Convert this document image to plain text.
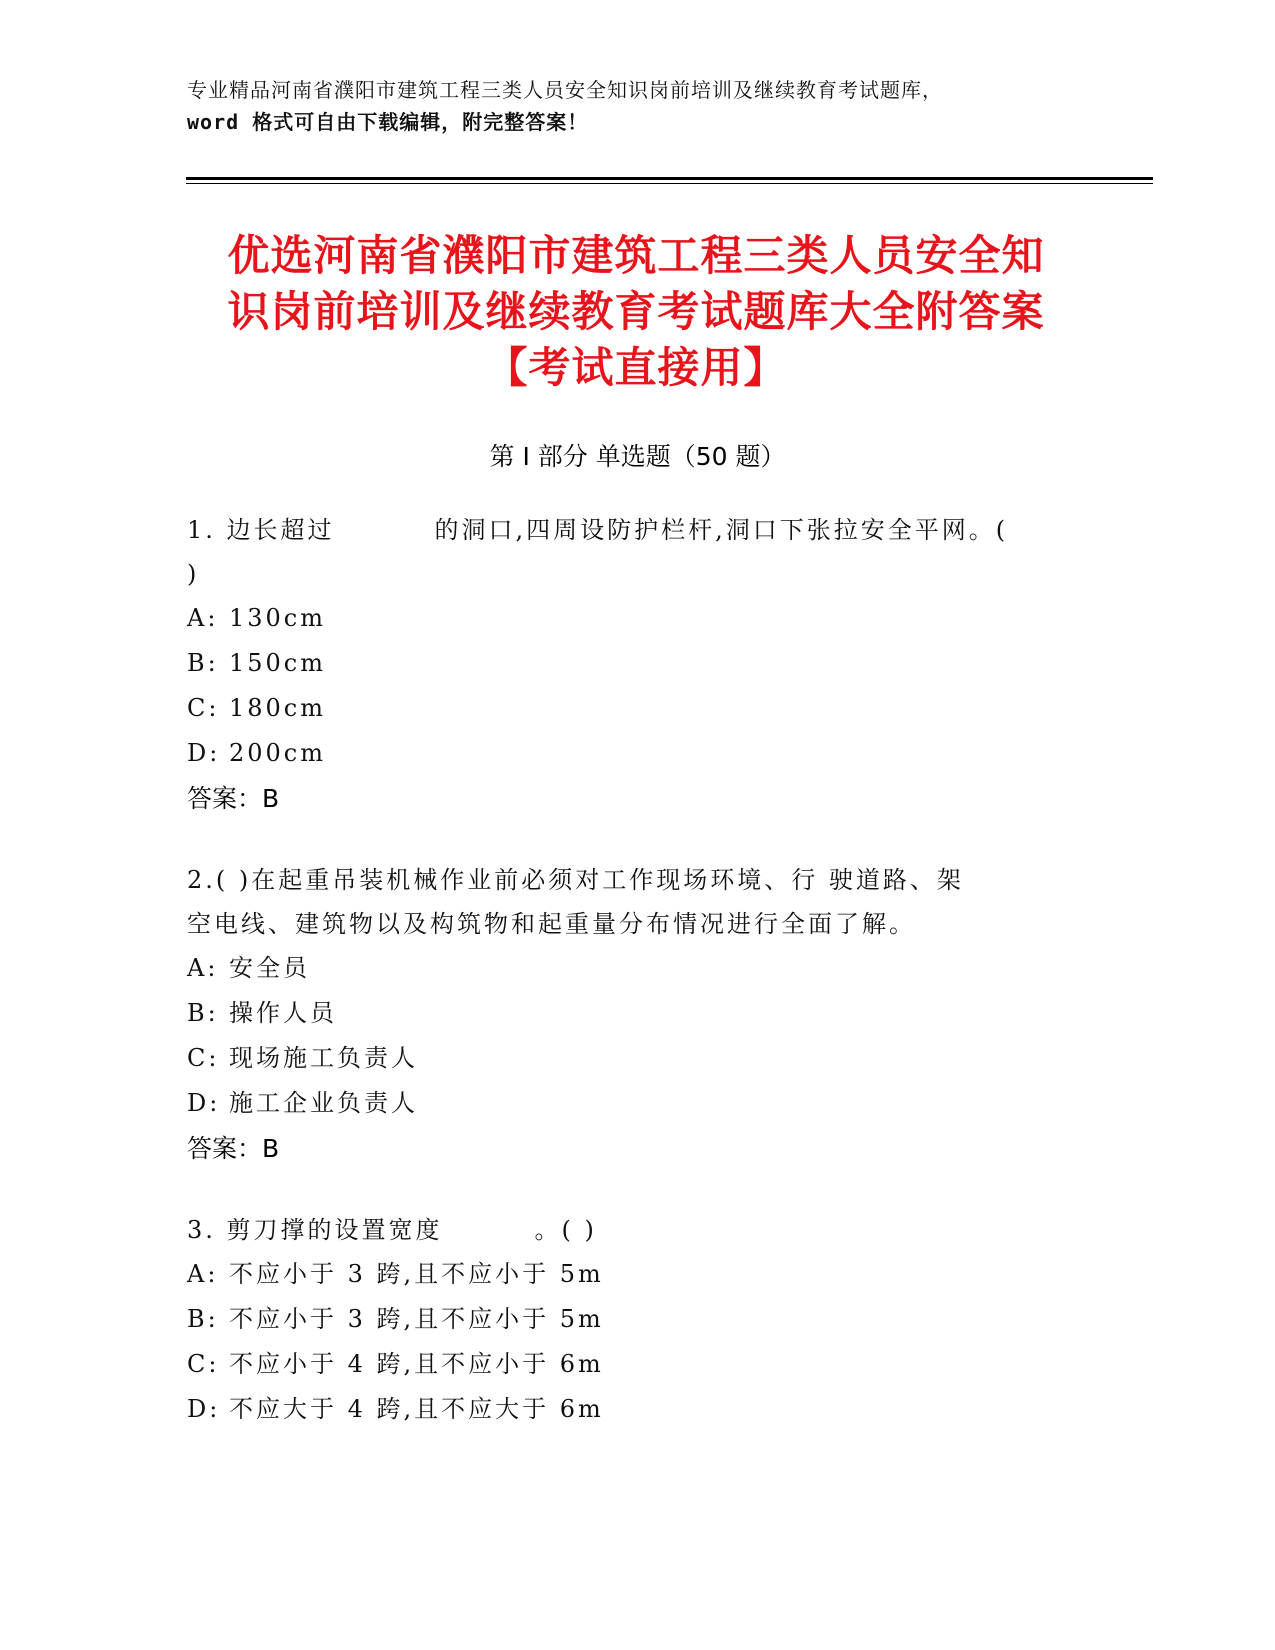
专业精品河南省濮阳市建筑工程三类人员安全知识岗前培训及继续教育考试题库，
word 格式可自由下载编辑，附完整答案！
优选河南省濮阳市建筑工程三类人员安全知
识岗前培训及继续教育考试题库大全附答案
【考试直接用】
第 I 部分 单选题（50 题）
1. 边长超过	的洞口,四周设防护栏杆,洞口下张拉安全平网。(
)
A: 130cm
B: 150cm
C: 180cm
D: 200cm
答案：B
2.( )在起重吊装机械作业前必须对工作现场环境、行 驶道路、架
空电线、建筑物以及构筑物和起重量分布情况进行全面了解。
A: 安全员
B: 操作人员
C: 现场施工负责人
D: 施工企业负责人
答案：B
3. 剪刀撑的设置宽度	。( )
A: 不应小于 3 跨,且不应小于 5m
B: 不应小于 3 跨,且不应小于 5m
C: 不应小于 4 跨,且不应小于 6m
D: 不应大于 4 跨,且不应大于 6m
